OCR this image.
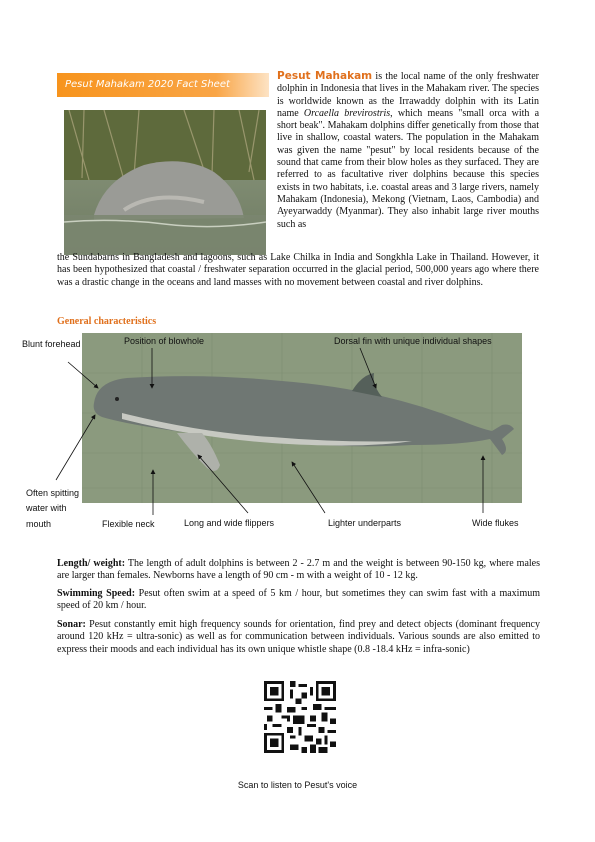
Pesut Mahakam 2020 Fact Sheet
Pesut Mahakam is the local name of the only freshwater dolphin in Indonesia that lives in the Mahakam river. The species is worldwide known as the Irrawaddy dolphin with its Latin name Orcaella brevirostris, which means "small orca with a short beak". Mahakam dolphins differ genetically from those that live in shallow, coastal waters. The population in the Mahakam was given the name "pesut" by local residents because of the sound that came from their blow holes as they surfaced. They are referred to as facultative river dolphins because this species exists in two habitats, i.e. coastal areas and 3 large rivers, namely Mahakam (Indonesia), Mekong (Vietnam, Laos, Cambodia) and Ayeyarwaddy (Myanmar). They also inhabit large river mouths such as
the Sundabarns in Bangladesh and lagoons, such as Lake Chilka in India and Songkhla Lake in Thailand. However, it has been hypothesized that coastal / freshwater separation occurred in the glacial period, 500,000 years ago where there was a drastic change in the oceans and land masses with no movement between coastal and river dolphins.
General characteristics
Blunt forehead	Position of blowhole	Dorsal fin with unique individual shapes
Often spitting
water with
mouth	Flexible neck	Long and wide flippers	Lighter underparts	Wide flukes
Length/ weight: The length of adult dolphins is between 2 - 2.7 m and the weight is between 90-150 kg, where males are larger than females. Newborns have a length of 90 cm - m with a weight of 10 - 12 kg.
Swimming Speed: Pesut often swim at a speed of 5 km / hour, but sometimes they can swim fast with a maximum speed of 20 km / hour.
Sonar: Pesut constantly emit high frequency sounds for orientation, find prey and detect objects (dominant frequency around 120 kHz = ultra-sonic) as well as for communication between individuals. Various sounds are also emitted to express their moods and each individual has its own unique whistle shape (0.8 -18.4 kHz = infra-sonic)
Scan to listen to Pesut's voice
